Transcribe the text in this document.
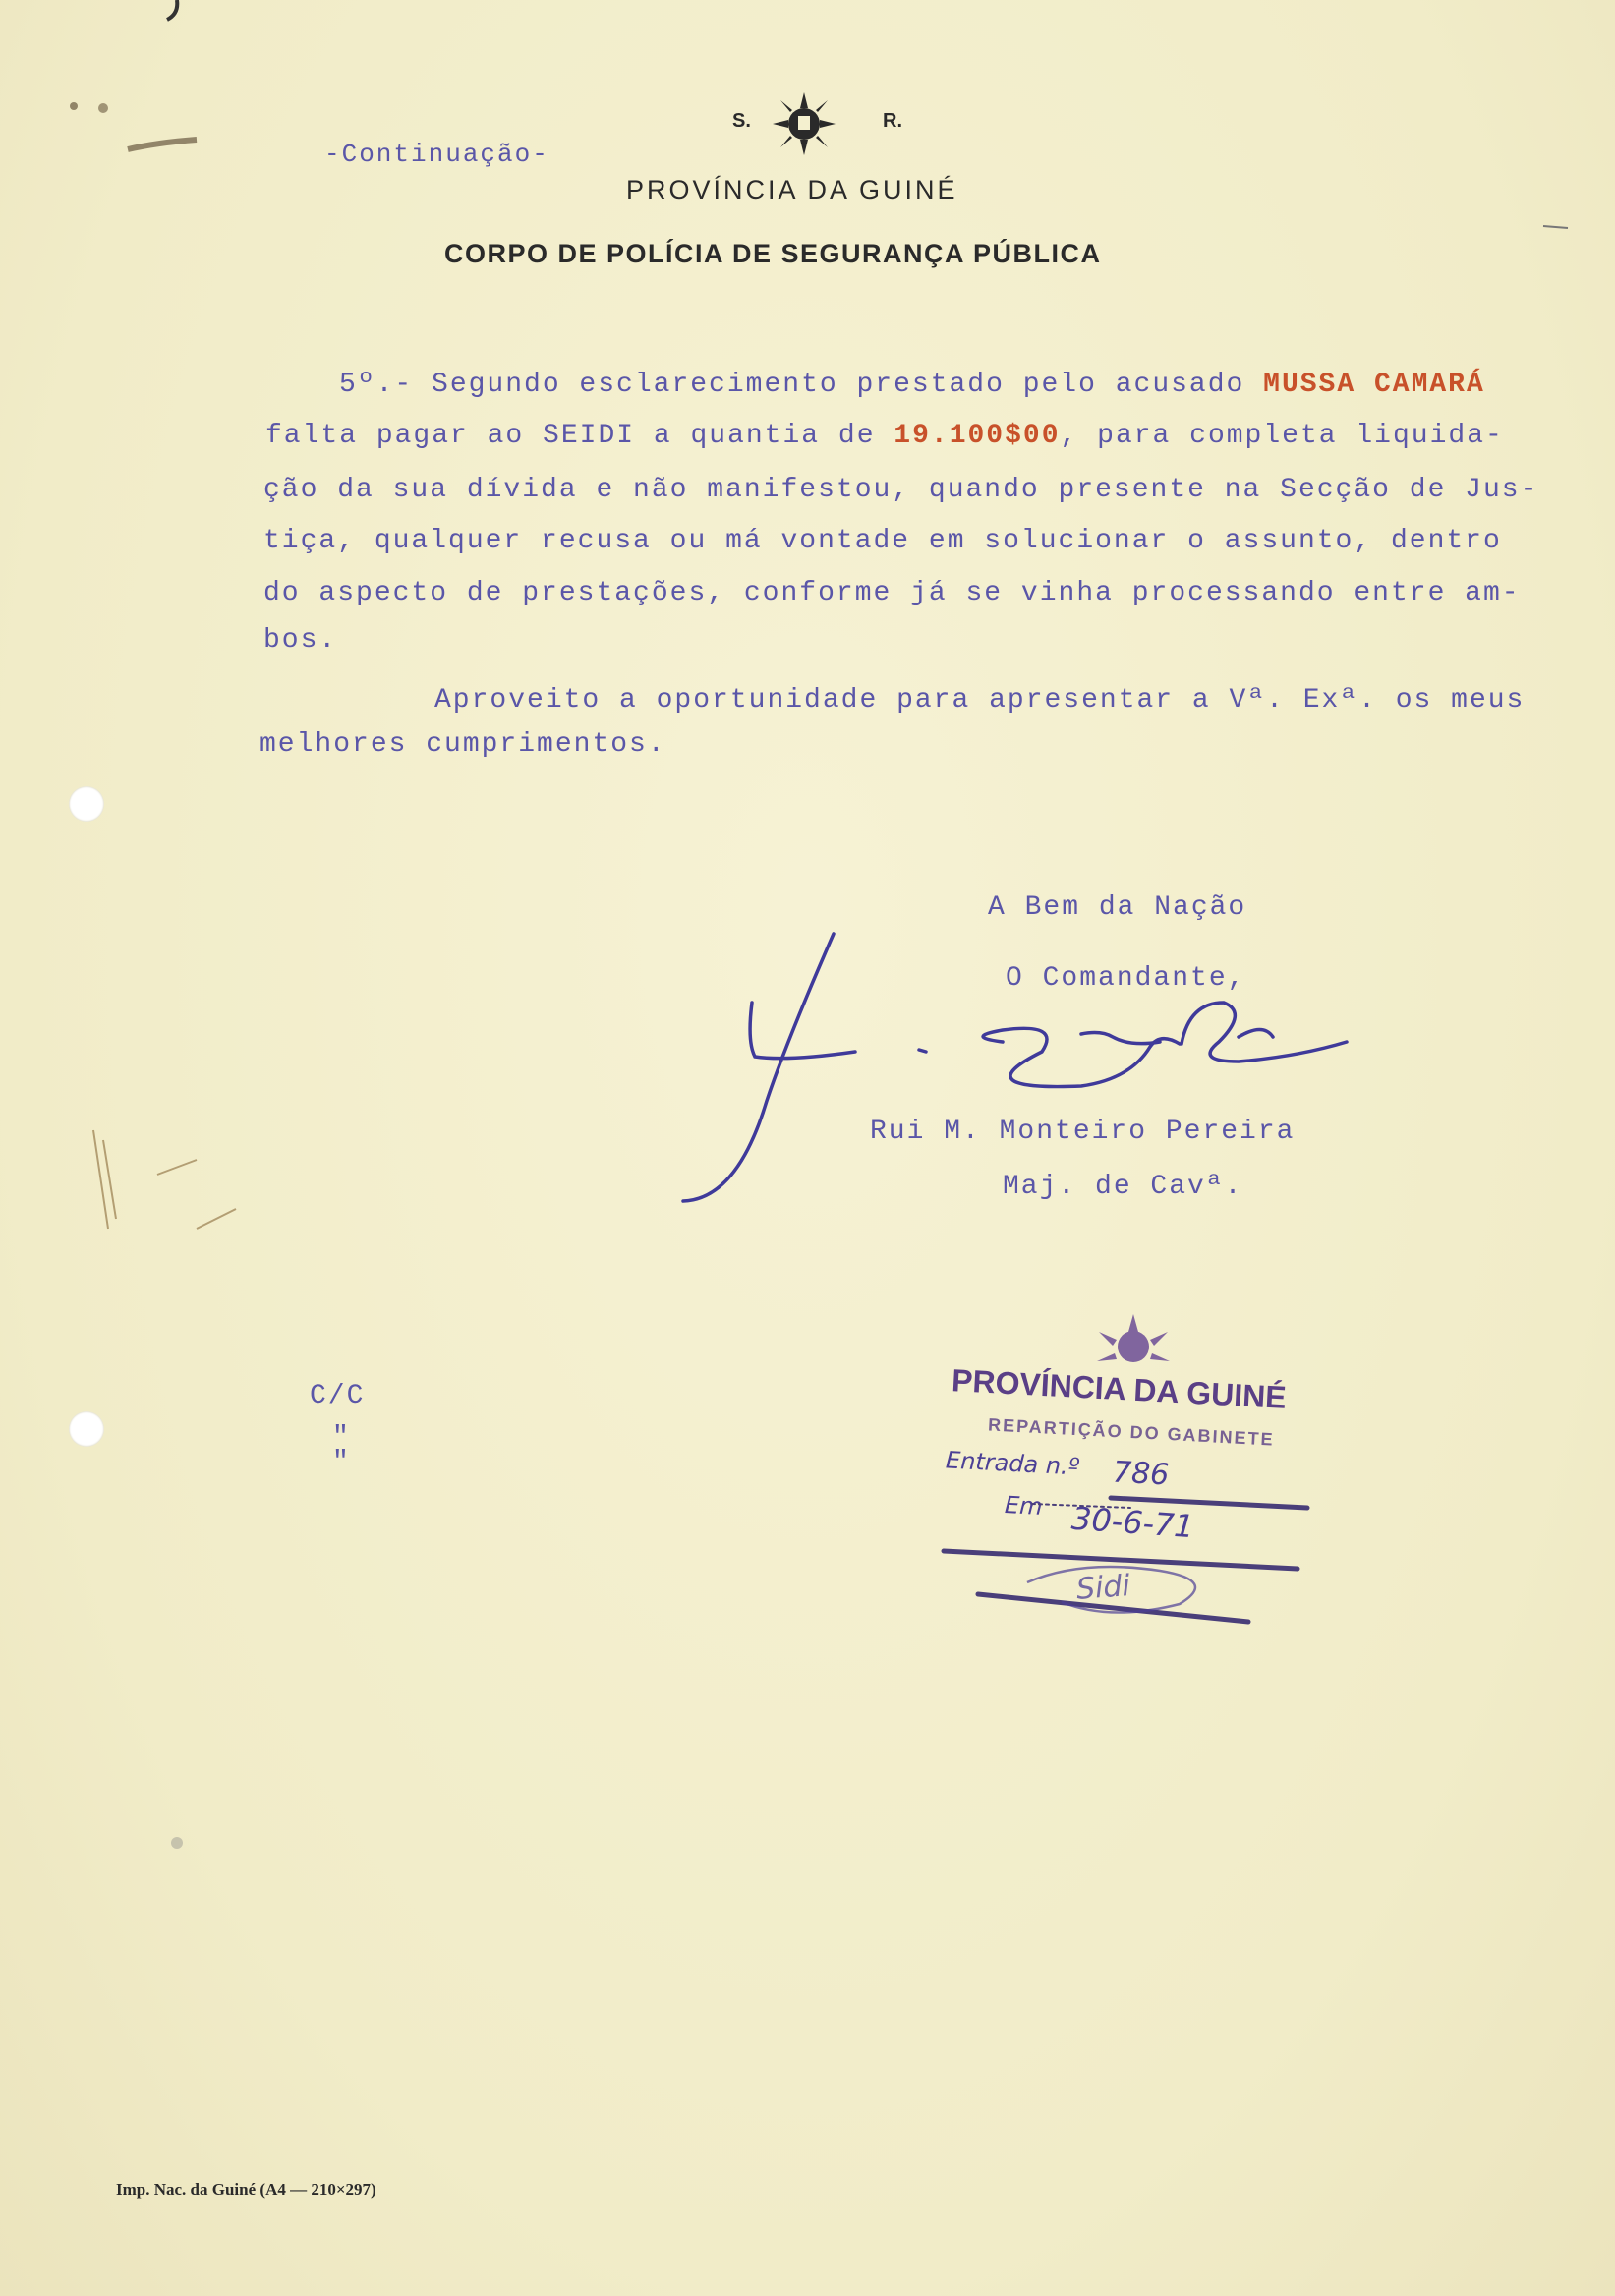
S.	R.
-Continuação-
PROVÍNCIA DA GUINÉ
CORPO DE POLÍCIA DE SEGURANÇA PÚBLICA
5º.- Segundo esclarecimento prestado pelo acusado MUSSA CAMARÁ
falta pagar ao SEIDI a quantia de 19.100$00, para completa liquida-
ção da sua dívida e não manifestou, quando presente na Secção de Jus-
tiça, qualquer recusa ou má vontade em solucionar o assunto, dentro
do aspecto de prestações, conforme já se vinha processando entre am-
bos.
Aproveito a oportunidade para apresentar a Vª. Exª. os meus
melhores cumprimentos.
A Bem da Nação
O Comandante,
Rui M. Monteiro Pereira
Maj. de Cavª.
C/C
"
"
PROVÍNCIA DA GUINÉ
REPARTIÇÃO DO GABINETE
Entrada n.º 786
Em 30-6-71
Sidi
Imp. Nac. da Guiné (A4 — 210×297)
